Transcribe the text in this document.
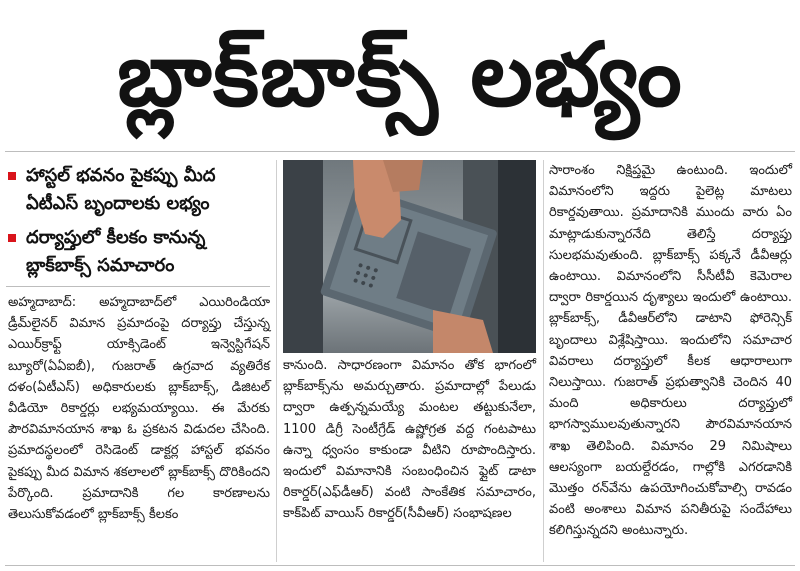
బ్లాక్‌బాక్స్ లభ్యం
హాస్టల్ భవనం పైకప్పు మీద ఏటీఎస్ బృందాలకు లభ్యం
దర్యాప్తులో కీలకం కానున్న బ్లాక్‌బాక్స్ సమాచారం

అహ్మదాబాద్: అహ్మదాబాద్‌లో ఎయిరిండియా డ్రీమ్‌లైనర్ విమాన ప్రమాదంపై దర్యాప్తు చేస్తున్న ఎయిర్‌క్రాఫ్ట్ యాక్సిడెంట్ ఇన్వెస్టిగేషన్ బ్యూరో(ఏఏఐబీ), గుజరాత్ ఉగ్రవాద వ్యతిరేక దళం(ఏటీఎస్) అధికారులకు బ్లాక్‌బాక్స్, డిజిటల్ వీడియో రికార్డర్లు లభ్యమయ్యాయి. ఈ మేరకు పౌరవిమానయాన శాఖ ఓ ప్రకటన విడుదల చేసింది. ప్రమాదస్థలంలో రెసిడెంట్ డాక్టర్ల హాస్టల్ భవనం పైకప్పు మీద విమాన శకలాలలో బ్లాక్‌బాక్స్ దొరికిందని పేర్కొంది. ప్రమాదానికి గల కారణాలను తెలుసుకోవడంలో బ్లాక్‌బాక్స్ కీలకం

కానుంది. సాధారణంగా విమానం తోక భాగంలో బ్లాక్‌బాక్స్‌ను అమర్చుతారు. ప్రమాదాల్లో పేలుడు ద్వారా ఉత్పన్నమయ్యే మంటల తట్టుకునేలా, 1100 డిగ్రీ సెంటీగ్రేడ్ ఉష్ణోగ్రత వద్ద గంటపాటు ఉన్నా ధ్వంసం కాకుండా వీటిని రూపొందిస్తారు. ఇందులో విమానానికి సంబంధించిన ఫ్లైట్ డాటా రికార్డర్(ఎఫ్‌డీఆర్) వంటి సాంకేతిక సమాచారం, కాక్‌పిట్ వాయిస్ రికార్డర్(సీవీఆర్) సంభాషణల

సారాంశం నిక్షిప్తమై ఉంటుంది. ఇందులో విమానంలోని ఇద్దరు పైలెట్ల మాటలు రికార్డవుతాయి. ప్రమాదానికి ముందు వారు ఏం మాట్లాడుకున్నారనేది తెలిస్తే దర్యాప్తు సులభమవుతుంది. బ్లాక్‌బాక్స్ పక్కనే డీవీఆర్లు ఉంటాయి. విమానంలోని సీసీటీవీ కెమెరాల ద్వారా రికార్డయిన దృశ్యాలు ఇందులో ఉంటాయి. బ్లాక్‌బాక్స్, డీవీఆర్‌లోని డాటాని ఫోరెన్సిక్ బృందాలు విశ్లేషిస్తాయి. ఇందులోని సమాచార వివరాలు దర్యాప్తులో కీలక ఆధారాలుగా నిలుస్తాయి. గుజరాత్ ప్రభుత్వానికి చెందిన 40 మంది అధికారులు దర్యాప్తులో భాగస్వాములవుతున్నారని పౌరవిమానయాన శాఖ తెలిపింది. విమానం 29 నిమిషాలు ఆలస్యంగా బయల్దేరడం, గాల్లోకి ఎగరడానికి మొత్తం రన్‌వేను ఉపయోగించుకోవాల్సి రావడం వంటి అంశాలు విమాన పనితీరుపై సందేహాలు కలిగిస్తున్నదని అంటున్నారు.
